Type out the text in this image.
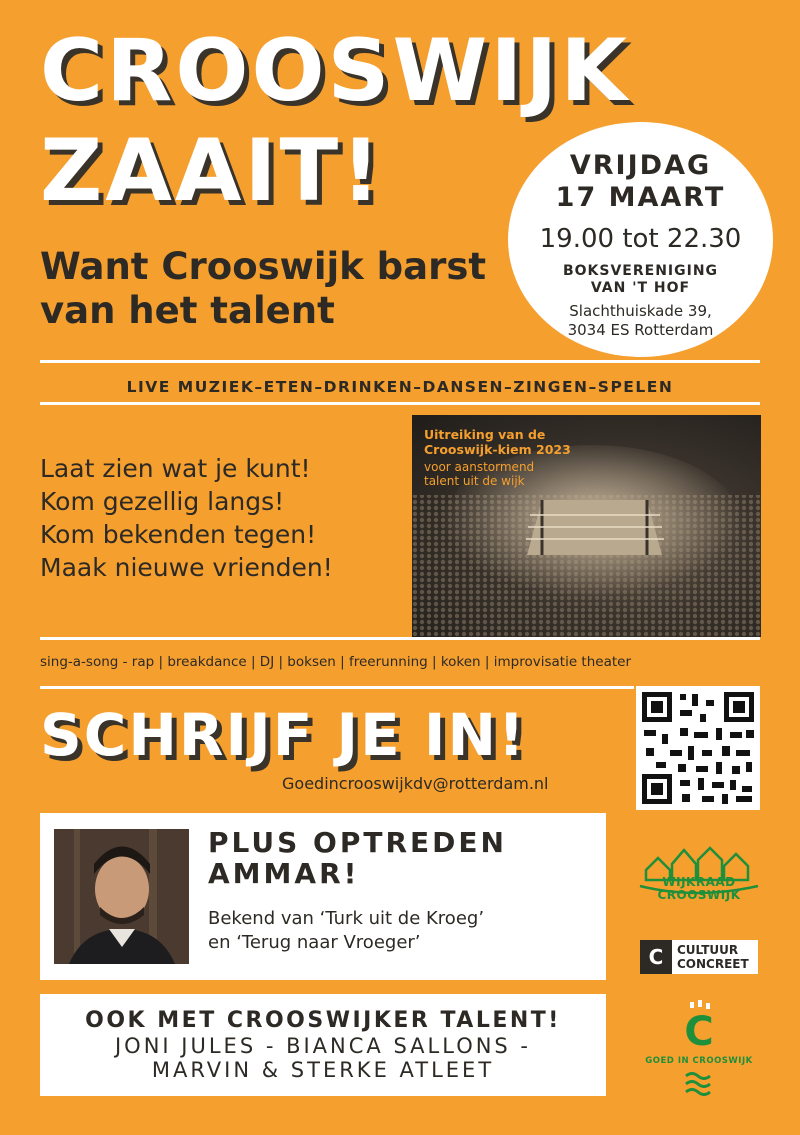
CROOSWIJK
ZAAIT!
Want Crooswijk barst van het talent
VRIJDAG
17 MAART
19.00 tot 22.30
BOKSVERENIGING
VAN 'T HOF
Slachthuiskade 39,
3034 ES Rotterdam
LIVE MUZIEK–ETEN–DRINKEN–DANSEN–ZINGEN–SPELEN
Laat zien wat je kunt!
Kom gezellig langs!
Kom bekenden tegen!
Maak nieuwe vrienden!
Uitreiking van de
Crooswijk-kiem 2023
voor aanstormend
talent uit de wijk
sing-a-song - rap | breakdance | DJ | boksen | freerunning | koken | improvisatie theater
SCHRIJF JE IN!
Goedincrooswijkdv@rotterdam.nl
PLUS OPTREDEN
AMMAR!
Bekend van ‘Turk uit de Kroeg’
en ‘Terug naar Vroeger’
OOK MET CROOSWIJKER TALENT!
JONI JULES - BIANCA SALLONS -
MARVIN & STERKE ATLEET
WIJKRAAD
CROOSWIJK
C	CULTUUR
CONCREET
C
GOED IN CROOSWIJK
